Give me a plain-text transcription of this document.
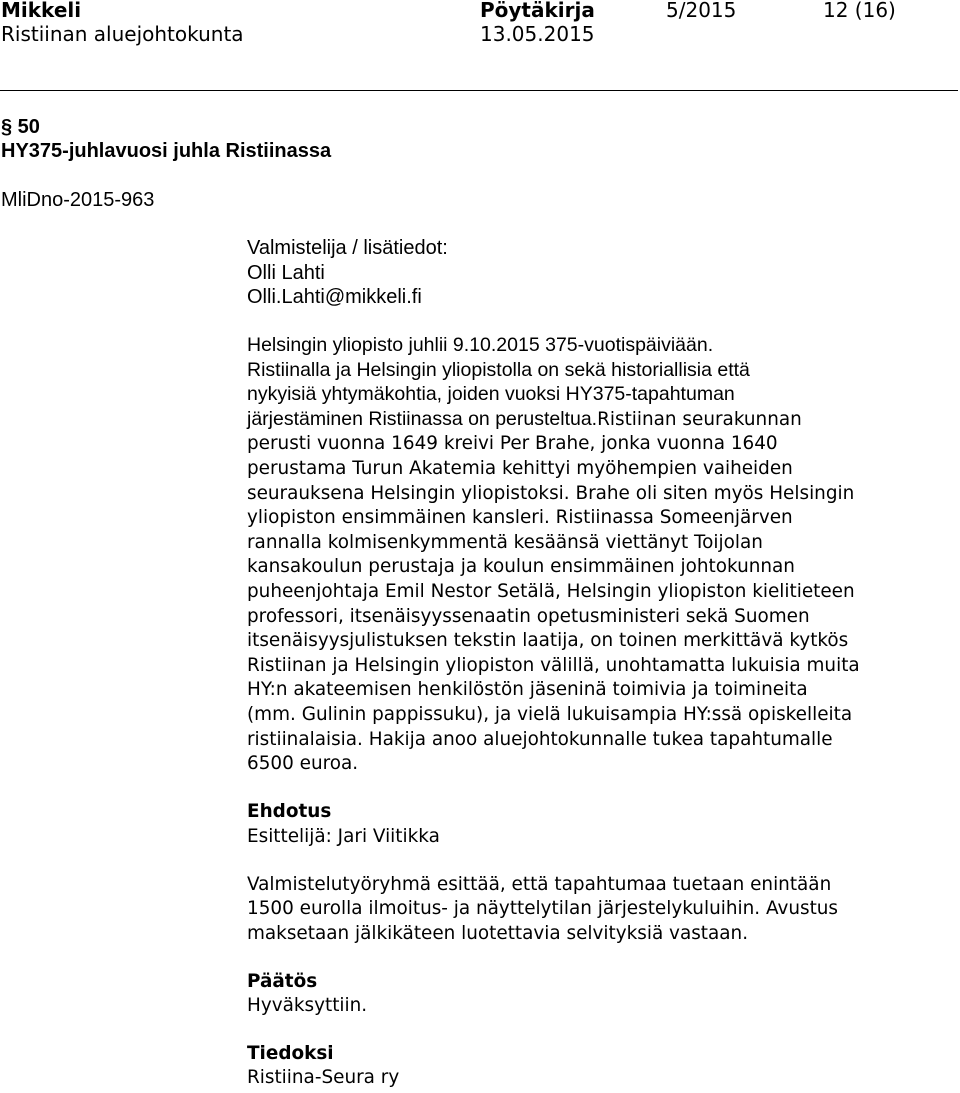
Mikkeli
Ristiinan aluejohtokunta
Pöytäkirja
13.05.2015
5/2015	12 (16)
§ 50
HY375-juhlavuosi juhla Ristiinassa
MliDno-2015-963
Valmistelija / lisätiedot:
Olli Lahti
Olli.Lahti@mikkeli.fi
Helsingin yliopisto juhlii 9.10.2015 375-vuotispäiviään.
Ristiinalla ja Helsingin yliopistolla on sekä historiallisia että
nykyisiä yhtymäkohtia, joiden vuoksi HY375-tapahtuman
järjestäminen Ristiinassa on perusteltua.Ristiinan seurakunnan
perusti vuonna 1649 kreivi Per Brahe, jonka vuonna 1640
perustama Turun Akatemia kehittyi myöhempien vaiheiden
seurauksena Helsingin yliopistoksi. Brahe oli siten myös Helsingin
yliopiston ensimmäinen kansleri. Ristiinassa Someenjärven
rannalla kolmisenkymmentä kesäänsä viettänyt Toijolan
kansakoulun perustaja ja koulun ensimmäinen johtokunnan
puheenjohtaja Emil Nestor Setälä, Helsingin yliopiston kielitieteen
professori, itsenäisyyssenaatin opetusministeri sekä Suomen
itsenäisyysjulistuksen tekstin laatija, on toinen merkittävä kytkös
Ristiinan ja Helsingin yliopiston välillä, unohtamatta lukuisia muita
HY:n akateemisen henkilöstön jäseninä toimivia ja toimineita
(mm. Gulinin pappissuku), ja vielä lukuisampia HY:ssä opiskelleita
ristiinalaisia. Hakija anoo aluejohtokunnalle tukea tapahtumalle
6500 euroa.
Ehdotus
Esittelijä: Jari Viitikka
Valmistelutyöryhmä esittää, että tapahtumaa tuetaan enintään
1500 eurolla ilmoitus- ja näyttelytilan järjestelykuluihin. Avustus
maksetaan jälkikäteen luotettavia selvityksiä vastaan.
Päätös
Hyväksyttiin.
Tiedoksi
Ristiina-Seura ry
